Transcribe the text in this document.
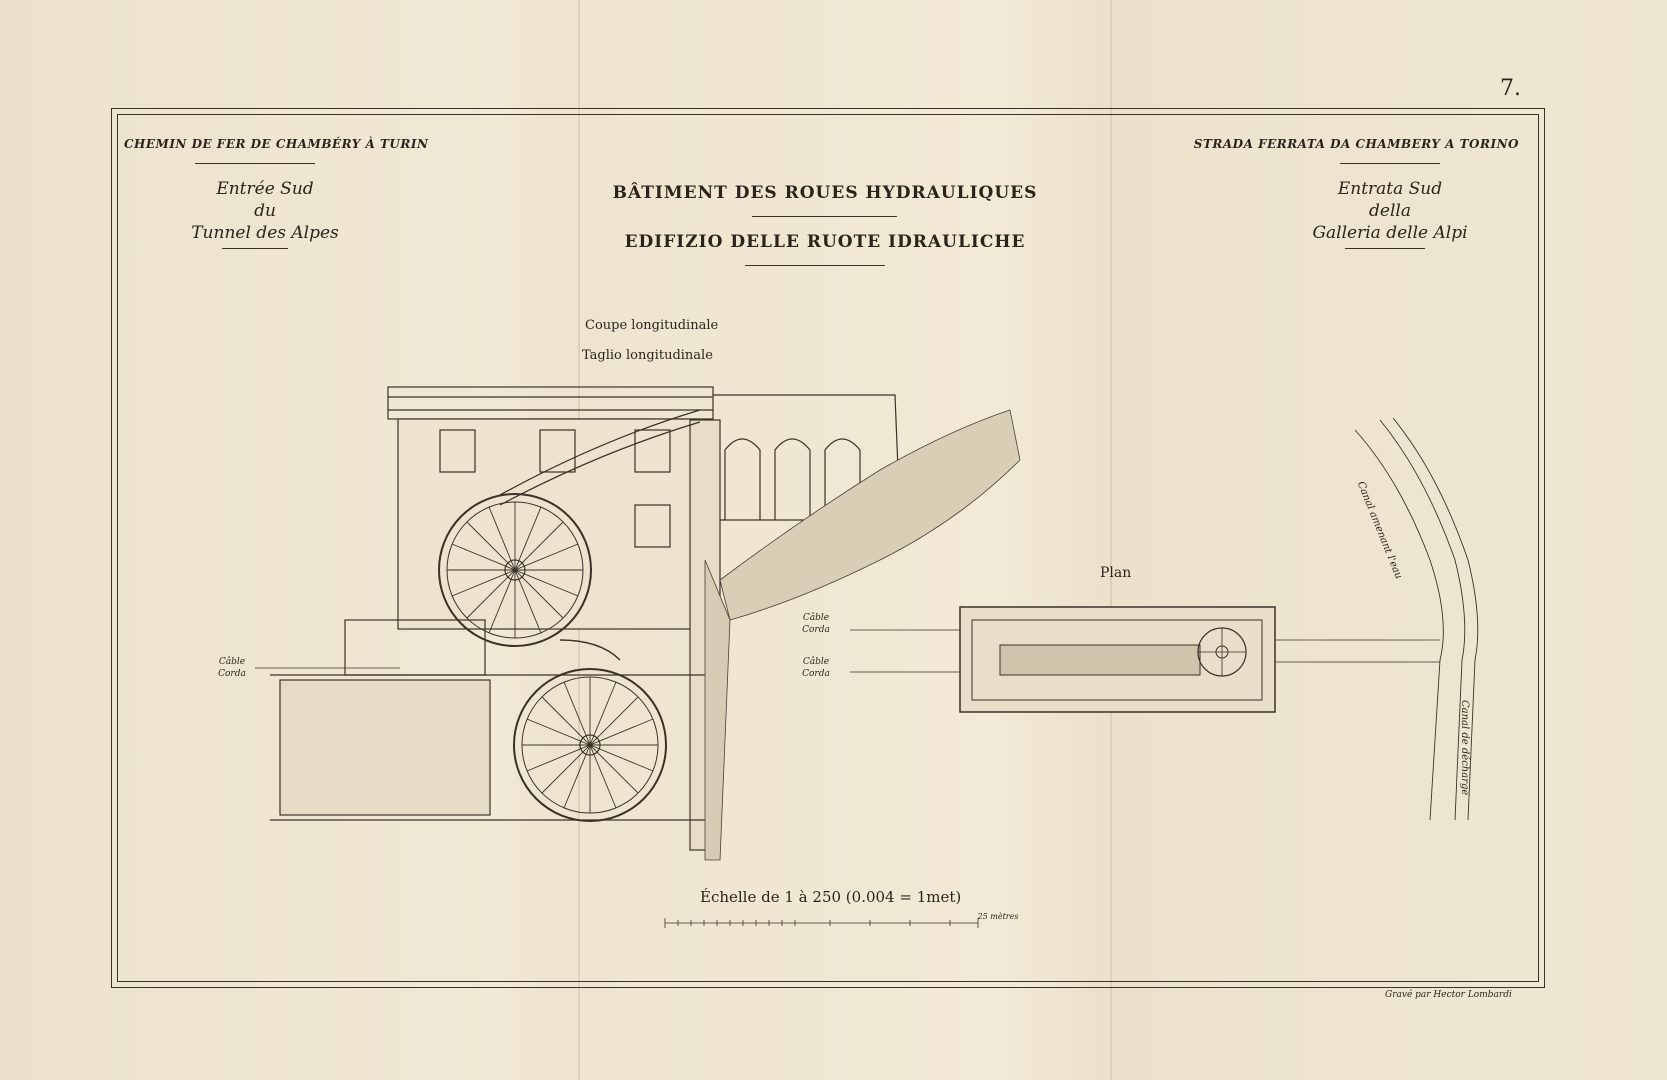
7.
CHEMIN DE FER DE CHAMBÉRY À TURIN	STRADA FERRATA DA CHAMBERY A TORINO
Entrée Sud
du
Tunnel des Alpes
Entrata Sud
della
Galleria delle Alpi
BÂTIMENT DES ROUES HYDRAULIQUES
EDIFIZIO DELLE RUOTE IDRAULICHE
Coupe longitudinale
Taglio longitudinale
Plan
Câble
Corda
Câble
Corda
Câble
Corda
Canal amenant l'eau
Canal de décharge
Échelle de 1 à 250 (0.004 = 1met)
25 mètres
Gravé par Hector Lombardi
